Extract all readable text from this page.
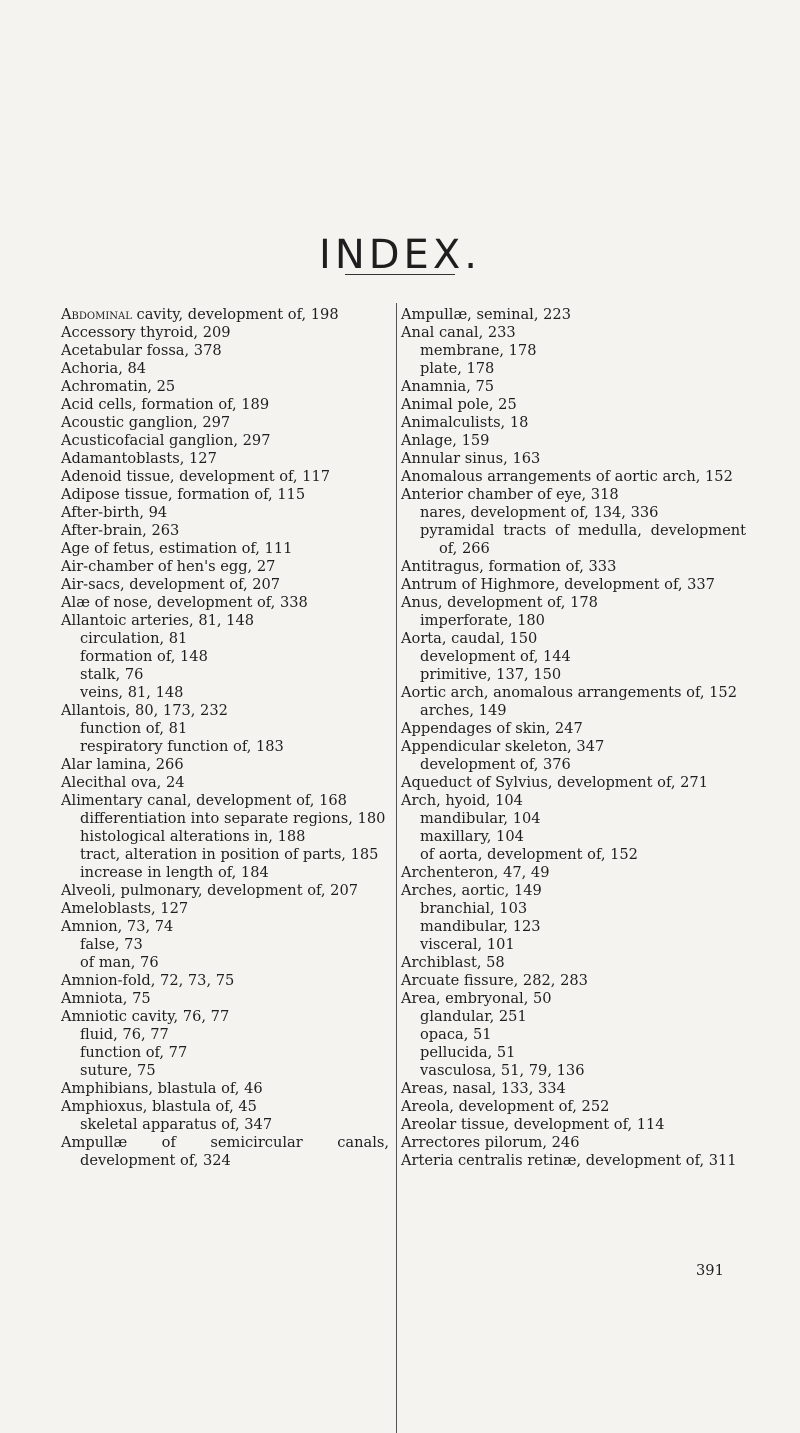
INDEX.
Abdominal cavity, development of, 198
Accessory thyroid, 209
Acetabular fossa, 378
Achoria, 84
Achromatin, 25
Acid cells, formation of, 189
Acoustic ganglion, 297
Acusticofacial ganglion, 297
Adamantoblasts, 127
Adenoid tissue, development of, 117
Adipose tissue, formation of, 115
After-birth, 94
After-brain, 263
Age of fetus, estimation of, 111
Air-chamber of hen's egg, 27
Air-sacs, development of, 207
Alæ of nose, development of, 338
Allantoic arteries, 81, 148
circulation, 81
formation of, 148
stalk, 76
veins, 81, 148
Allantois, 80, 173, 232
function of, 81
respiratory function of, 183
Alar lamina, 266
Alecithal ova, 24
Alimentary canal, development of, 168
differentiation into separate regions, 180
histological alterations in, 188
tract, alteration in position of parts, 185
increase in length of, 184
Alveoli, pulmonary, development of, 207
Ameloblasts, 127
Amnion, 73, 74
false, 73
of man, 76
Amnion-fold, 72, 73, 75
Amniota, 75
Amniotic cavity, 76, 77
fluid, 76, 77
function of, 77
suture, 75
Amphibians, blastula of, 46
Amphioxus, blastula of, 45
skeletal apparatus of, 347
Ampullæ of semicircular canals, development of, 324
Ampullæ, seminal, 223
Anal canal, 233
membrane, 178
plate, 178
Anamnia, 75
Animal pole, 25
Animalculists, 18
Anlage, 159
Annular sinus, 163
Anomalous arrangements of aortic arch, 152
Anterior chamber of eye, 318
nares, development of, 134, 336
pyramidal tracts of medulla, development of, 266
Antitragus, formation of, 333
Antrum of Highmore, development of, 337
Anus, development of, 178
imperforate, 180
Aorta, caudal, 150
development of, 144
primitive, 137, 150
Aortic arch, anomalous arrangements of, 152
arches, 149
Appendages of skin, 247
Appendicular skeleton, 347
development of, 376
Aqueduct of Sylvius, development of, 271
Arch, hyoid, 104
mandibular, 104
maxillary, 104
of aorta, development of, 152
Archenteron, 47, 49
Arches, aortic, 149
branchial, 103
mandibular, 123
visceral, 101
Archiblast, 58
Arcuate fissure, 282, 283
Area, embryonal, 50
glandular, 251
opaca, 51
pellucida, 51
vasculosa, 51, 79, 136
Areas, nasal, 133, 334
Areola, development of, 252
Areolar tissue, development of, 114
Arrectores pilorum, 246
Arteria centralis retinæ, development of, 311
391
